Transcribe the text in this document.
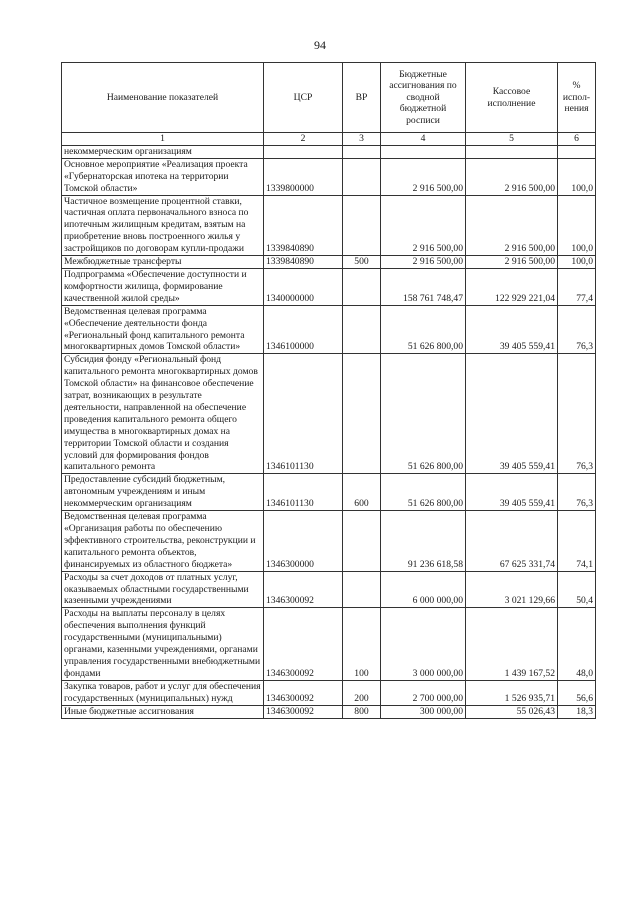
94
Наименование показателей	ЦСР	ВР	Бюджетные ассигнования по сводной бюджетной росписи	Кассовое исполнение	% испол-нения
1	2	3	4	5	6
некоммерческим организациям					
Основное мероприятие «Реализация проекта «Губернаторская ипотека на территории Томской области»	1339800000		2 916 500,00	2 916 500,00	100,0
Частичное возмещение процентной ставки, частичная оплата первоначального взноса по ипотечным жилищным кредитам, взятым на приобретение вновь построенного жилья у застройщиков по договорам купли-продажи	1339840890		2 916 500,00	2 916 500,00	100,0
Межбюджетные трансферты	1339840890	500	2 916 500,00	2 916 500,00	100,0
Подпрограмма «Обеспечение доступности и комфортности жилища, формирование качественной жилой среды»	1340000000		158 761 748,47	122 929 221,04	77,4
Ведомственная целевая программа «Обеспечение деятельности фонда «Региональный фонд капитального ремонта многоквартирных домов Томской области»	1346100000		51 626 800,00	39 405 559,41	76,3
Субсидия фонду «Региональный фонд капитального ремонта многоквартирных домов Томской области» на финансовое обеспечение затрат, возникающих в результате деятельности, направленной на обеспечение проведения капитального ремонта общего имущества в многоквартирных домах на территории Томской области и создания условий для формирования фондов капитального ремонта	1346101130		51 626 800,00	39 405 559,41	76,3
Предоставление субсидий бюджетным, автономным учреждениям и иным некоммерческим организациям	1346101130	600	51 626 800,00	39 405 559,41	76,3
Ведомственная целевая программа «Организация работы по обеспечению эффективного строительства, реконструкции и капитального ремонта объектов, финансируемых из областного бюджета»	1346300000		91 236 618,58	67 625 331,74	74,1
Расходы за счет доходов от платных услуг, оказываемых областными государственными казенными учреждениями	1346300092		6 000 000,00	3 021 129,66	50,4
Расходы на выплаты персоналу в целях обеспечения выполнения функций государственными (муниципальными) органами, казенными учреждениями, органами управления государственными внебюджетными фондами	1346300092	100	3 000 000,00	1 439 167,52	48,0
Закупка товаров, работ и услуг для обеспечения государственных (муниципальных) нужд	1346300092	200	2 700 000,00	1 526 935,71	56,6
Иные бюджетные ассигнования	1346300092	800	300 000,00	55 026,43	18,3
